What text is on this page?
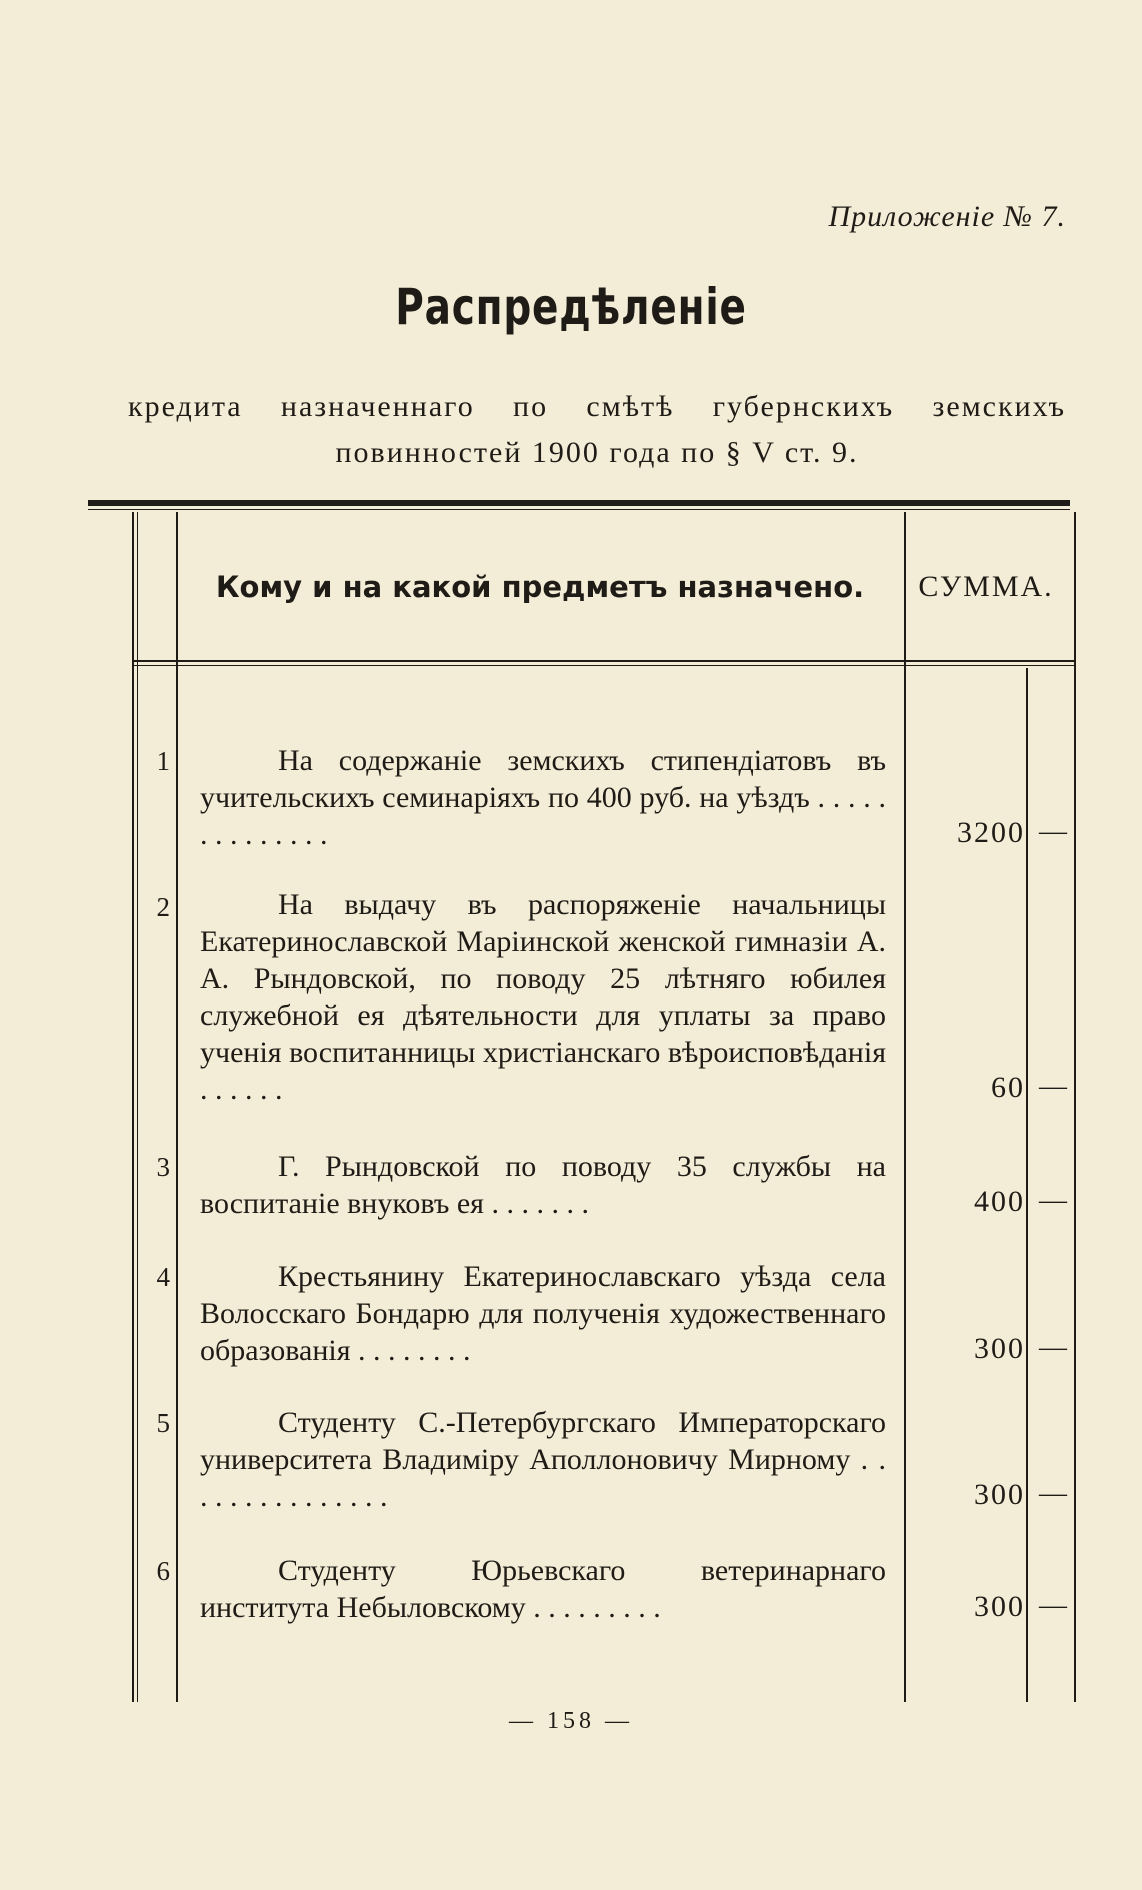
Приложеніе № 7.
Распредѣленіе
кредита назначеннаго по смѣтѣ губернскихъ земскихъ повинностей 1900 года по § V ст. 9.
Кому и на какой предметъ назначено.	СУММА.
1	На содержаніе земскихъ стипендіатовъ въ учительскихъ семинаріяхъ по 400 руб. на уѣздъ . . . . . . . . . . . . . .	3200 —
2	На выдачу въ распоряженіе начальницы Екатеринославской Маріинской женской гимназіи А. А. Рындовской, по поводу 25 лѣтняго юбилея служебной ея дѣятельности для уплаты за право ученія воспитанницы христіанскаго вѣроисповѣданія . . . . . .	60 —
3	Г. Рындовской по поводу 35 службы на воспитаніе внуковъ ея . . . . . . .	400 —
4	Крестьянину Екатеринославскаго уѣзда села Волосскаго Бондарю для полученія художественнаго образованія . . . . . . . .	300 —
5	Студенту С.-Петербургскаго Императорскаго университета Владиміру Аполлоновичу Мирному . . . . . . . . . . . . . . .	300 —
6	Студенту Юрьевскаго ветеринарнаго института Небыловскому . . . . . . . . .	300 —
— 158 —
